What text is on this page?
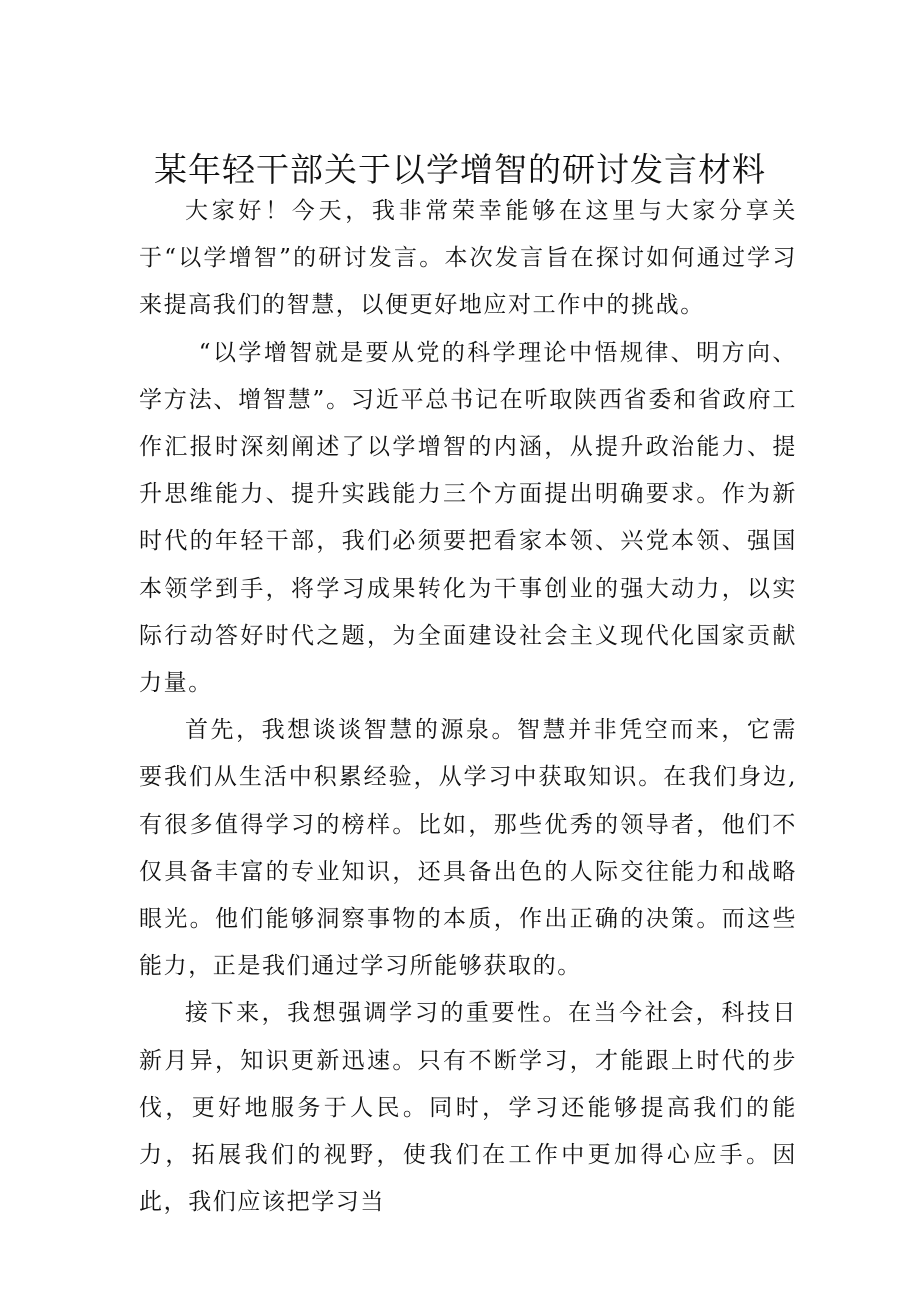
某年轻干部关于以学增智的研讨发言材料

大家好！今天，我非常荣幸能够在这里与大家分享关于“以学增智”的研讨发言。本次发言旨在探讨如何通过学习来提高我们的智慧，以便更好地应对工作中的挑战。

“以学增智就是要从党的科学理论中悟规律、明方向、学方法、增智慧”。习近平总书记在听取陕西省委和省政府工作汇报时深刻阐述了以学增智的内涵，从提升政治能力、提升思维能力、提升实践能力三个方面提出明确要求。作为新时代的年轻干部，我们必须要把看家本领、兴党本领、强国本领学到手，将学习成果转化为干事创业的强大动力，以实际行动答好时代之题，为全面建设社会主义现代化国家贡献力量。

首先，我想谈谈智慧的源泉。智慧并非凭空而来，它需要我们从生活中积累经验，从学习中获取知识。在我们身边,有很多值得学习的榜样。比如，那些优秀的领导者，他们不仅具备丰富的专业知识，还具备出色的人际交往能力和战略眼光。他们能够洞察事物的本质，作出正确的决策。而这些能力，正是我们通过学习所能够获取的。

接下来，我想强调学习的重要性。在当今社会，科技日新月异，知识更新迅速。只有不断学习，才能跟上时代的步伐，更好地服务于人民。同时，学习还能够提高我们的能力，拓展我们的视野，使我们在工作中更加得心应手。因此，我们应该把学习当
